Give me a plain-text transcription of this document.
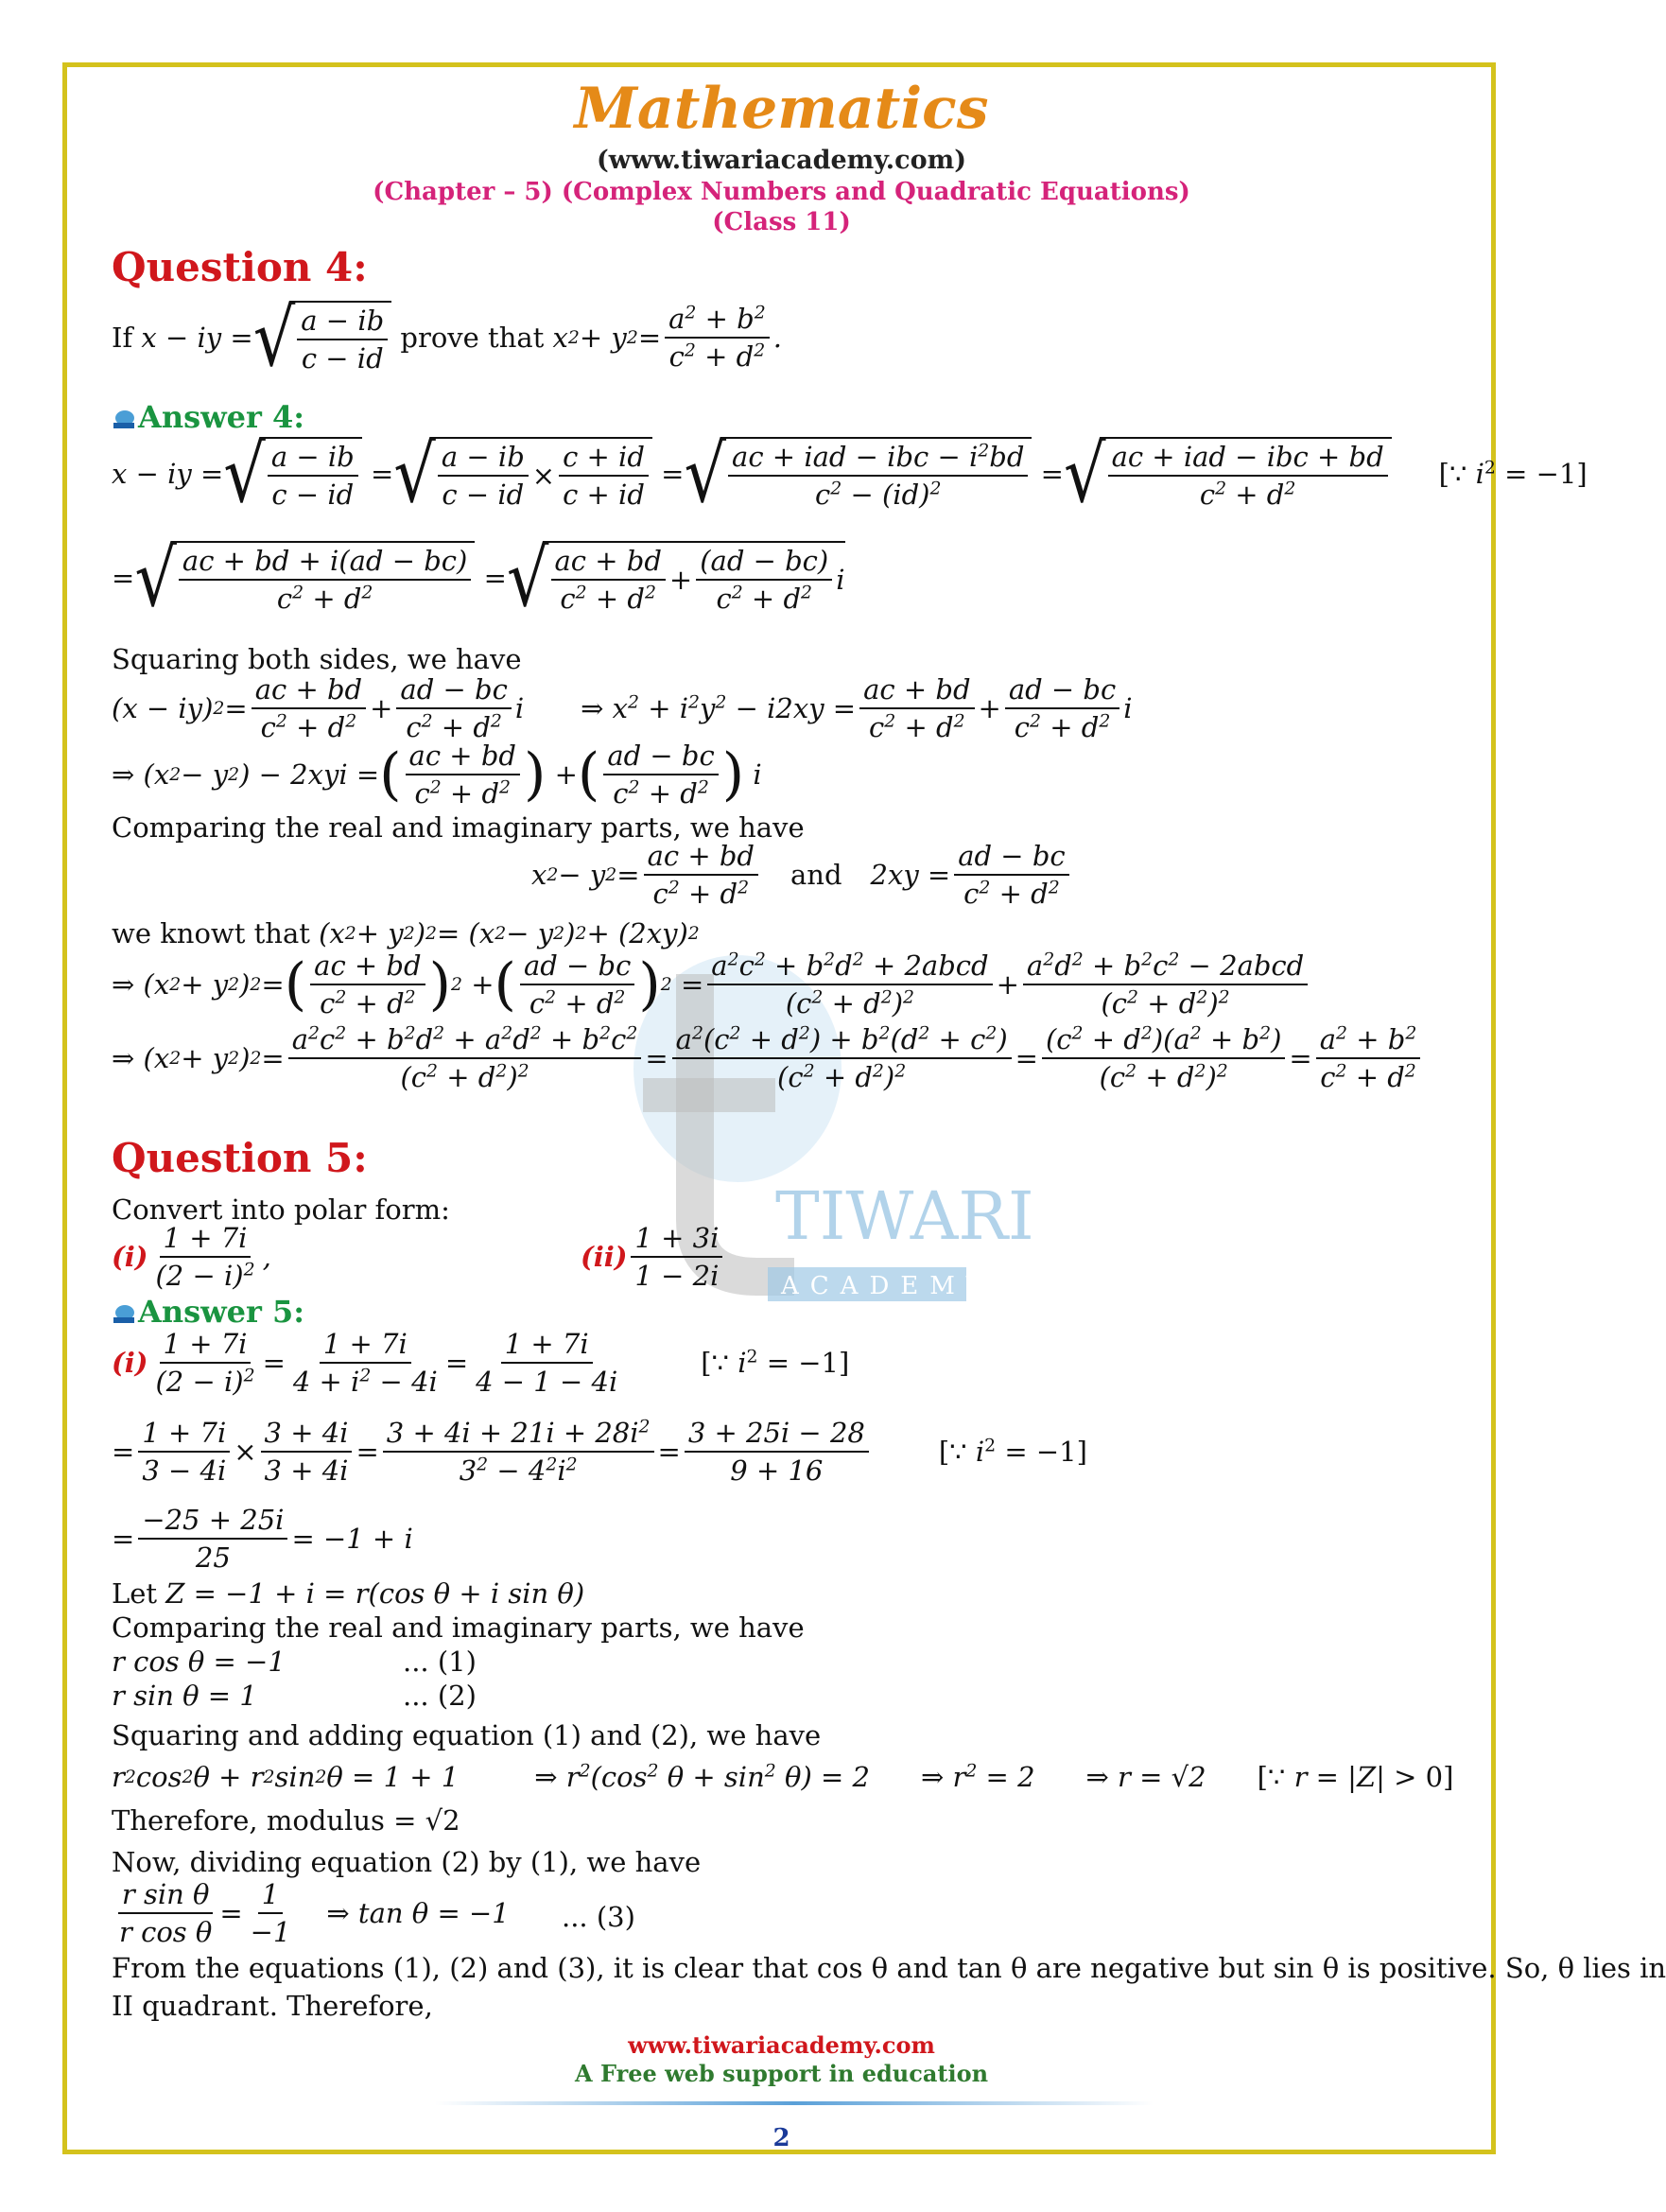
TIWARI
ACADEMY
Mathematics
(www.tiwariacademy.com)
(Chapter – 5) (Complex Numbers and Quadratic Equations)
(Class 11)
Question 4:
If x − iy = √ a − ib
c − id

prove that x 2 + y 2 =
$a^2 + b^2$
$c^2 + d^2$ .
Answer 4:
x − iy = √ a − ib
c − id
= √ a − ib
c − id
×
c + id
c + id
= √ ac + iad − ibc − $i^2bd$
$c^2 - (id)^2$	= √ ac + iad − ibc + bd
$c^2 + d^2$	[∵ $i^2 = -1$]
= √ ac + bd + i(ad − bc)
$c^2 + d^2$	= √ ac + bd
$c^2 + d^2$ +
(ad − bc)
$c^2 + d^2$ i
Squaring both sides, we have
(x − iy) 2 =
ac + bd
$c^2 + d^2$ +
ad − bc
$c^2 + d^2$ i ⇒ $x^2 + i^2y^2 - i2xy = \frac{ac + bd}{c^2 + d^2}$ +
ad − bc
$c^2 + d^2$ i
⇒ (x 2 − y 2 ) − 2xyi = ( ac + bd
$c^2 + d^2$ ) + ( ad − bc
$c^2 + d^2$ ) i
Comparing the real and imaginary parts, we have
x 2 − y 2 =
ac + bd
$c^2 + d^2$ and 2xy =
ad − bc
$c^2 + d^2$
we knowt that (x 2 + y 2 ) 2 = (x 2 − y 2 ) 2 + (2xy) 2
⇒ (x 2 + y 2 ) 2 = ( ac + bd
$c^2 + d^2$ ) 2 + ( ad − bc
$c^2 + d^2$ ) 2 =
$a^2c^2 + b^2d^2$ + 2abcd
$(c^2 + d^2)^2$	+
$a^2d^2 + b^2c^2$ − 2abcd
$(c^2 + d^2)^2$
⇒ (x 2 + y 2 ) 2 =
$a^2c^2 + b^2d^2 + a^2d^2 + b^2c^2$
$(c^2 + d^2)^2$	=
$a^2(c^2 + d^2) + b^2(d^2 + c^2)$
$(c^2 + d^2)^2$	=
$(c^2 + d^2)(a^2 + b^2)$
$(c^2 + d^2)^2$ =
$a^2 + b^2$
$c^2 + d^2$
Question 5:
Convert into polar form:
(i)
1 + 7i
$(2 - i)^2$ ,	(ii)
1 + 3i
1 − 2i
Answer 5:
(i)
1 + 7i
$(2 - i)^2$ =
1 + 7i
$4 + i^2 - 4i$
=
1 + 7i
4 − 1 − 4i
[∵ $i^2 = -1$]
=
1 + 7i
3 − 4i
×
3 + 4i
3 + 4i
=
$3 + 4i + 21i + 28i^2$
$3^2 - 4^2i^2$	=
3 + 25i − 28
9 + 16
[∵ $i^2 = -1$]
=
−25 + 25i
25
= −1 + i
Let Z = −1 + i = r(cos θ + i sin θ)
Comparing the real and imaginary parts, we have
r cos θ = −1	... (1)
r sin θ = 1	... (2)
Squaring and adding equation (1) and (2), we have
r 2 cos 2 θ + r 2 sin 2 θ = 1 + 1	⇒ $r^2(\cos^2$ $\theta + \sin^2 \theta) = 2$ ⇒ $r^2 = 2$ ⇒ r = √2 [∵ r = |Z| > 0]
Therefore, modulus =
√2
Now, dividing equation (2) by (1), we have
r sin θ
r cos θ
=
1
−1
⇒ tan θ = −1 ... (3)
From the equations (1), (2) and (3), it is clear that cos θ and tan θ are negative but sin θ is positive. So, θ lies in
II quadrant. Therefore,
www.tiwariacademy.com
A Free web support in education
2
